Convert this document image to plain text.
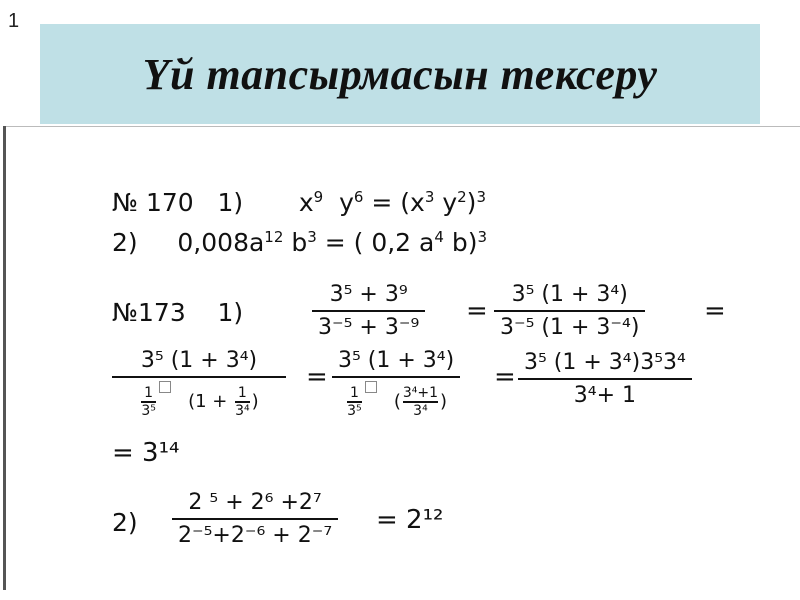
1
Үй тапсырмасын тексеру
№ 170 1) $x^9$ $y^6 = (x^3$ $y^2)^3$
2) $0,008a^{12}$ $b^3$ = ( 0,2 $a^4$ b)$^3$
№173 1)
3⁵ + 3⁹
3⁻⁵ + 3⁻⁹
=
3⁵ (1 + 3⁴)
3⁻⁵ (1 + 3⁻⁴)
=
3⁵ (1 + 3⁴)
$\frac{1}{\text{3⁵}} (1 + \frac{1}{\text{3⁴}}$ )
=
3⁵ (1 + 3⁴)
$\frac{1}{\text{3⁵}}$ ( $\frac{\text{3⁴+1}}{\text{3⁴}}$ )
= 3⁵ (1 + 3⁴)3⁵3⁴
3⁴+ 1
= 3¹⁴
2)
2 ⁵ + 2⁶ +2⁷
2⁻⁵+2⁻⁶ + 2⁻⁷
= 2¹²
